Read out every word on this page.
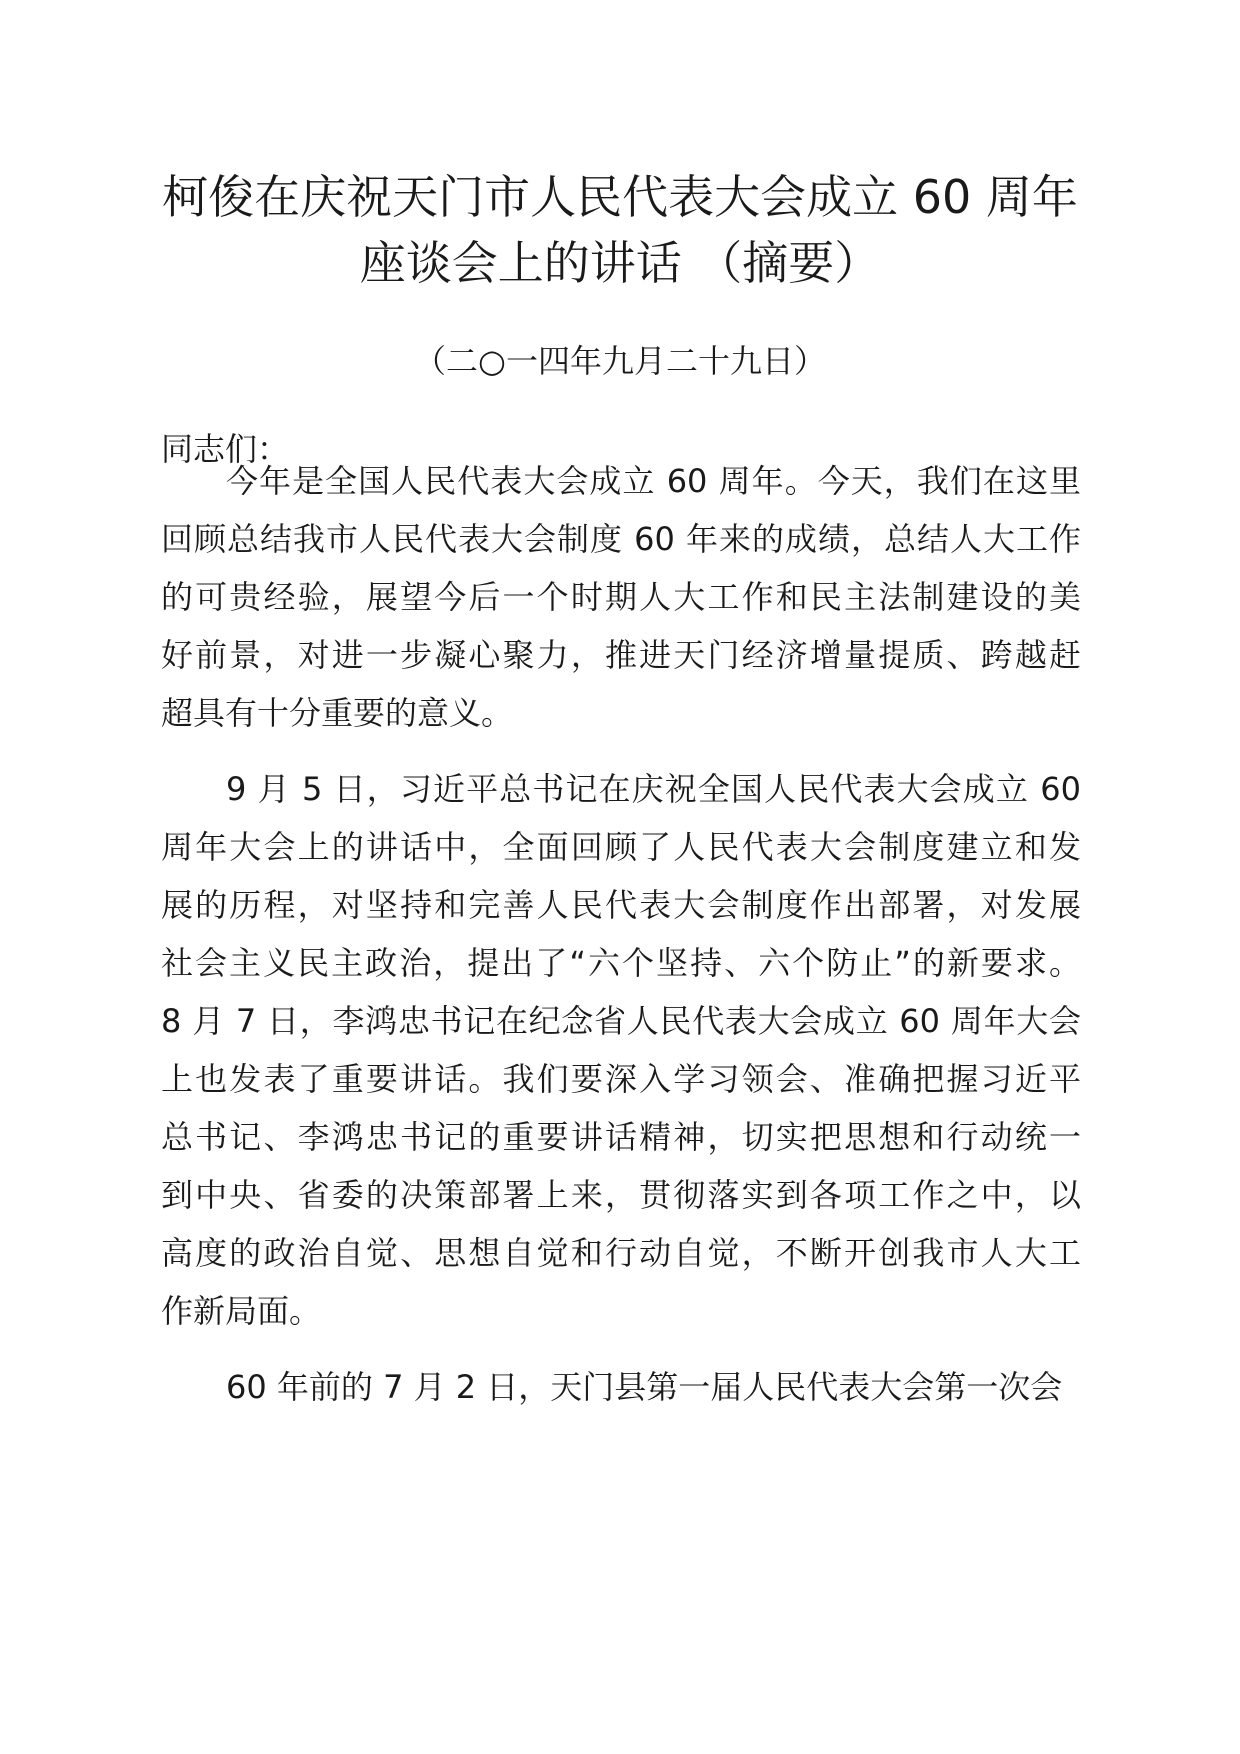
柯俊在庆祝天门市人民代表大会成立 60 周年
座谈会上的讲话 （摘要）
（二○一四年九月二十九日）
同志们：
今年是全国人民代表大会成立 60 周年。今天，我们在这里
回顾总结我市人民代表大会制度 60 年来的成绩，总结人大工作
的可贵经验，展望今后一个时期人大工作和民主法制建设的美
好前景，对进一步凝心聚力，推进天门经济增量提质、跨越赶
超具有十分重要的意义。
9 月 5 日，习近平总书记在庆祝全国人民代表大会成立 60
周年大会上的讲话中，全面回顾了人民代表大会制度建立和发
展的历程，对坚持和完善人民代表大会制度作出部署，对发展
社会主义民主政治，提出了“六个坚持、六个防止”的新要求。
8 月 7 日，李鸿忠书记在纪念省人民代表大会成立 60 周年大会
上也发表了重要讲话。我们要深入学习领会、准确把握习近平
总书记、李鸿忠书记的重要讲话精神，切实把思想和行动统一
到中央、省委的决策部署上来，贯彻落实到各项工作之中，以
高度的政治自觉、思想自觉和行动自觉，不断开创我市人大工
作新局面。
60 年前的 7 月 2 日，天门县第一届人民代表大会第一次会
